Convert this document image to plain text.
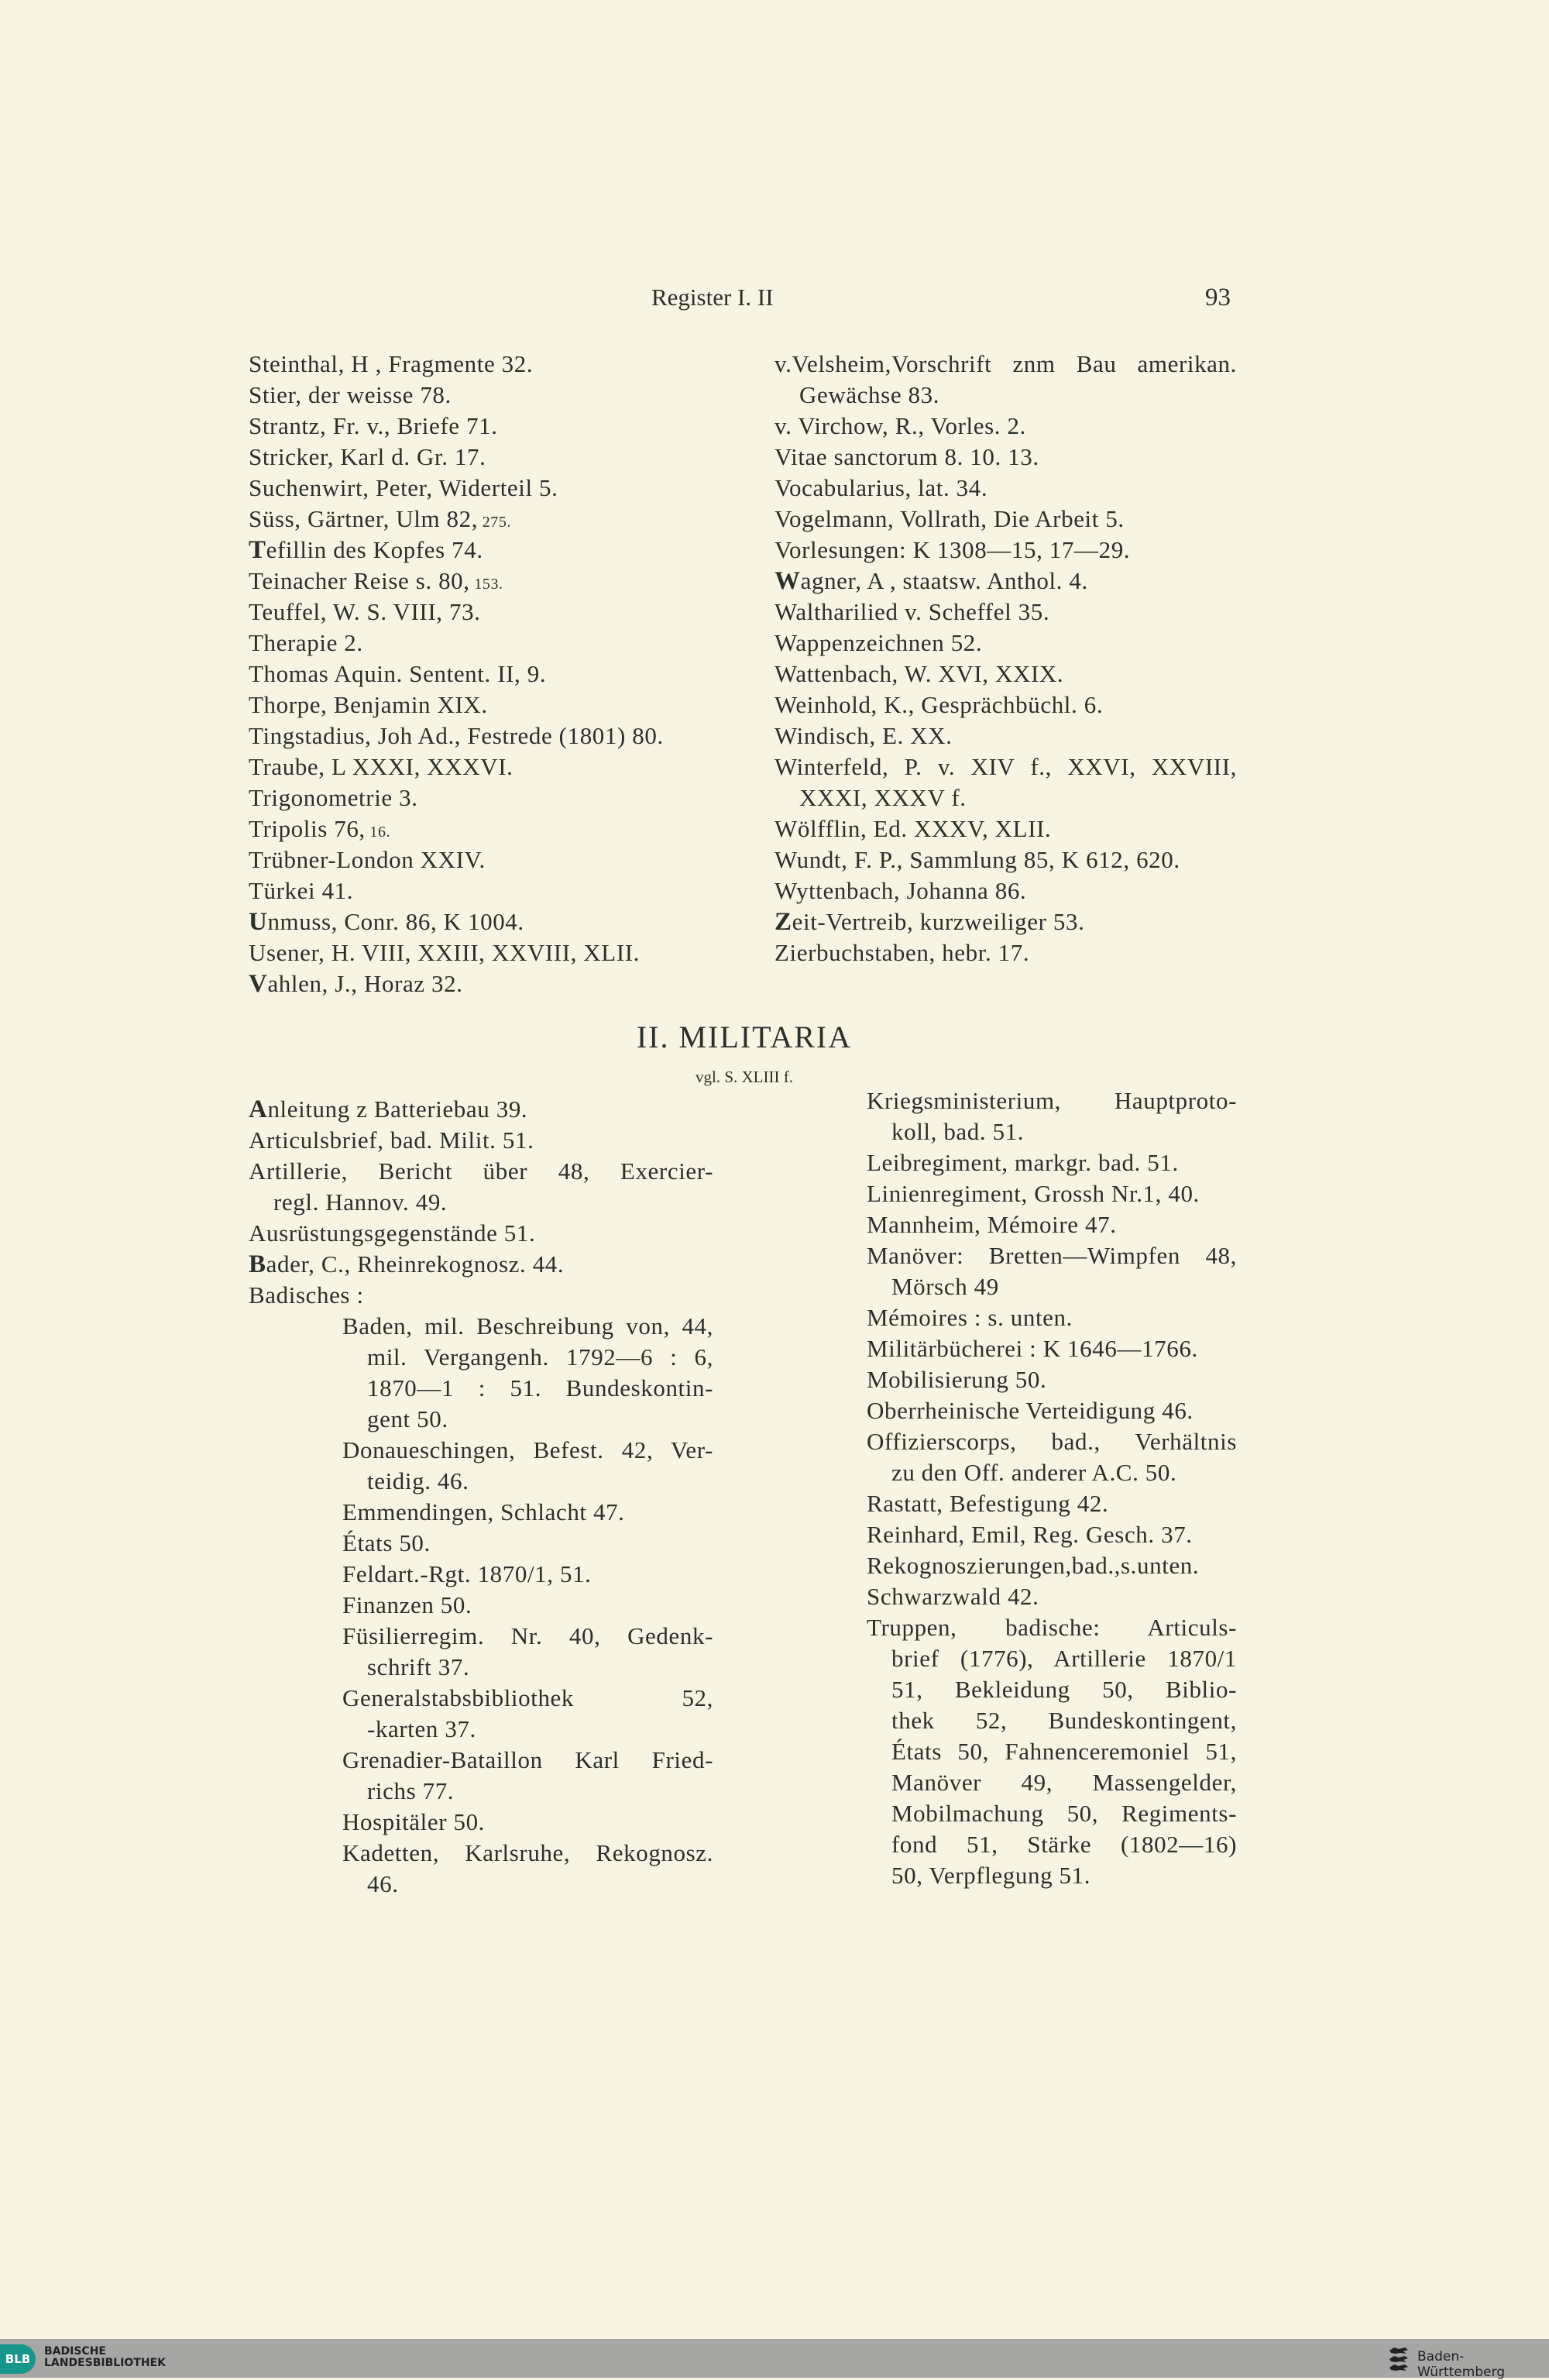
Register I. II	93
Steinthal, H , Fragmente 32.
Stier, der weisse 78.
Strantz, Fr. v., Briefe 71.
Stricker, Karl d. Gr. 17.
Suchenwirt, Peter, Widerteil 5.
Süss, Gärtner, Ulm 82, 275.
Tefillin des Kopfes 74.
Teinacher Reise s. 80, 153.
Teuffel, W. S. VIII, 73.
Therapie 2.
Thomas Aquin. Sentent. II, 9.
Thorpe, Benjamin XIX.
Tingstadius, Joh Ad., Festrede (1801) 80.
Traube, L XXXI, XXXVI.
Trigonometrie 3.
Tripolis 76, 16.
Trübner-London XXIV.
Türkei 41.
Unmuss, Conr. 86, K 1004.
Usener, H. VIII, XXIII, XXVIII, XLII.
Vahlen, J., Horaz 32.
v.Velsheim,Vorschrift znm Bau amerikan.
Gewächse 83.
v. Virchow, R., Vorles. 2.
Vitae sanctorum 8. 10. 13.
Vocabularius, lat. 34.
Vogelmann, Vollrath, Die Arbeit 5.
Vorlesungen: K 1308—15, 17—29.
Wagner, A , staatsw. Anthol. 4.
Waltharilied v. Scheffel 35.
Wappenzeichnen 52.
Wattenbach, W. XVI, XXIX.
Weinhold, K., Gesprächbüchl. 6.
Windisch, E. XX.
Winterfeld, P. v. XIV f., XXVI, XXVIII,
XXXI, XXXV f.
Wölfflin, Ed. XXXV, XLII.
Wundt, F. P., Sammlung 85, K 612, 620.
Wyttenbach, Johanna 86.
Zeit-Vertreib, kurzweiliger 53.
Zierbuchstaben, hebr. 17.
II. MILITARIA
vgl. S. XLIII f.
Anleitung z Batteriebau 39.
Articulsbrief, bad. Milit. 51.
Artillerie, Bericht über 48, Exercier-
regl. Hannov. 49.
Ausrüstungsgegenstände 51.
Bader, C., Rheinrekognosz. 44.
Badisches :
Baden, mil. Beschreibung von, 44,
mil. Vergangenh. 1792—6 : 6,
1870—1 : 51. Bundeskontin-
gent 50.
Donaueschingen, Befest. 42, Ver-
teidig. 46.
Emmendingen, Schlacht 47.
États 50.
Feldart.-Rgt. 1870/1, 51.
Finanzen 50.
Füsilierregim. Nr. 40, Gedenk-
schrift 37.
Generalstabsbibliothek 52,
-karten 37.
Grenadier-Bataillon Karl Fried-
richs 77.
Hospitäler 50.
Kadetten, Karlsruhe, Rekognosz.
46.
Kriegsministerium, Hauptproto-
koll, bad. 51.
Leibregiment, markgr. bad. 51.
Linienregiment, Grossh Nr.1, 40.
Mannheim, Mémoire 47.
Manöver: Bretten—Wimpfen 48,
Mörsch 49
Mémoires : s. unten.
Militärbücherei : K 1646—1766.
Mobilisierung 50.
Oberrheinische Verteidigung 46.
Offizierscorps, bad., Verhältnis
zu den Off. anderer A.C. 50.
Rastatt, Befestigung 42.
Reinhard, Emil, Reg. Gesch. 37.
Rekognoszierungen,bad.,s.unten.
Schwarzwald 42.
Truppen, badische: Articuls-
brief (1776), Artillerie 1870/1
51, Bekleidung 50, Biblio-
thek 52, Bundeskontingent,
États 50, Fahnenceremoniel 51,
Manöver 49, Massengelder,
Mobilmachung 50, Regiments-
fond 51, Stärke (1802—16)
50, Verpflegung 51.
BLB
BADISCHE
LANDESBIBLIOTHEK	Baden-Württemberg
